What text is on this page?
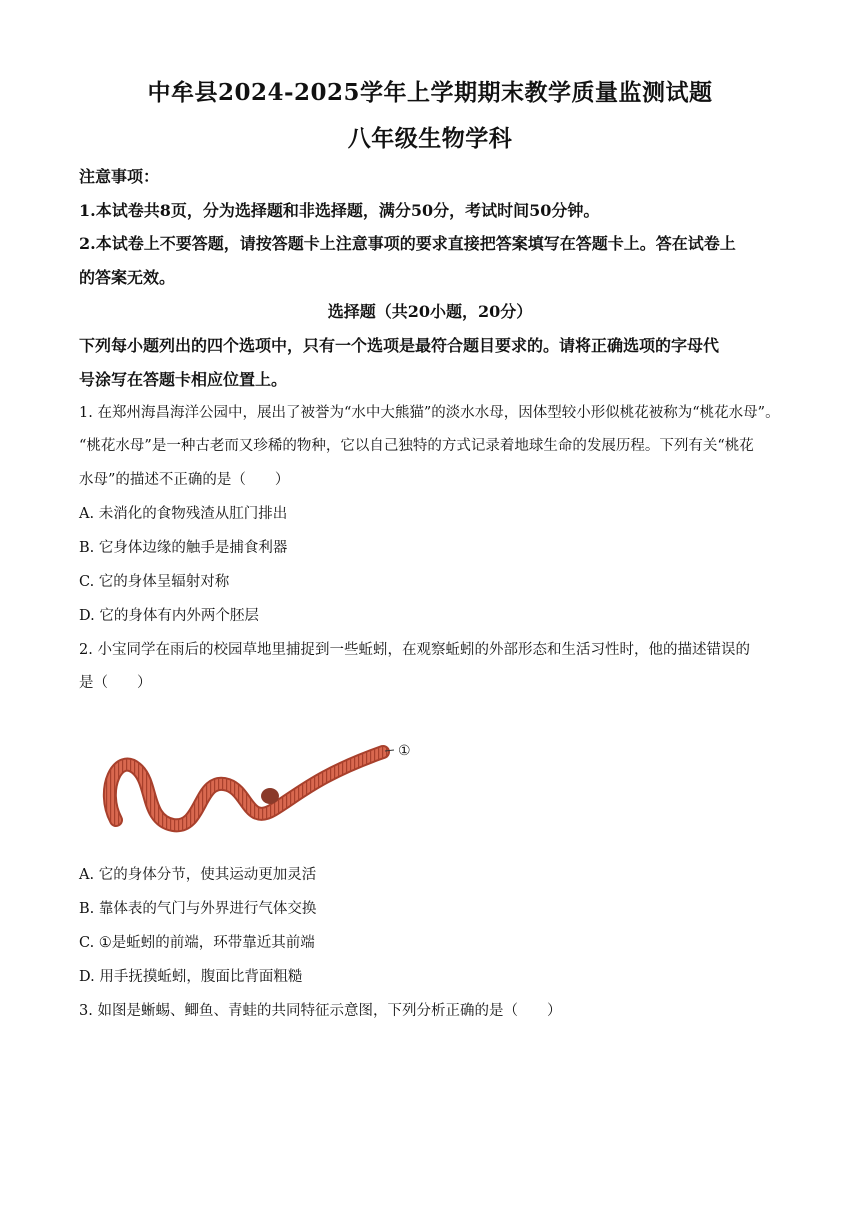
中牟县2024-2025学年上学期期末教学质量监测试题
八年级生物学科
注意事项：
1.本试卷共8页，分为选择题和非选择题，满分50分，考试时间50分钟。
2.本试卷上不要答题，请按答题卡上注意事项的要求直接把答案填写在答题卡上。答在试卷上
的答案无效。
选择题（共20小题，20分）
下列每小题列出的四个选项中，只有一个选项是最符合题目要求的。请将正确选项的字母代
号涂写在答题卡相应位置上。
1. 在郑州海昌海洋公园中，展出了被誉为“水中大熊猫”的淡水水母，因体型较小形似桃花被称为“桃花水母”。
“桃花水母”是一种古老而又珍稀的物种，它以自己独特的方式记录着地球生命的发展历程。下列有关“桃花
水母”的描述不正确的是（　　）
A. 未消化的食物残渣从肛门排出
B. 它身体边缘的触手是捕食利器
C. 它的身体呈辐射对称
D. 它的身体有内外两个胚层
2. 小宝同学在雨后的校园草地里捕捉到一些蚯蚓，在观察蚯蚓的外部形态和生活习性时，他的描述错误的
是（　　）
①
A. 它的身体分节，使其运动更加灵活
B. 靠体表的气门与外界进行气体交换
C. ①是蚯蚓的前端，环带靠近其前端
D. 用手抚摸蚯蚓，腹面比背面粗糙
3. 如图是蜥蜴、鲫鱼、青蛙的共同特征示意图，下列分析正确的是（　　）
